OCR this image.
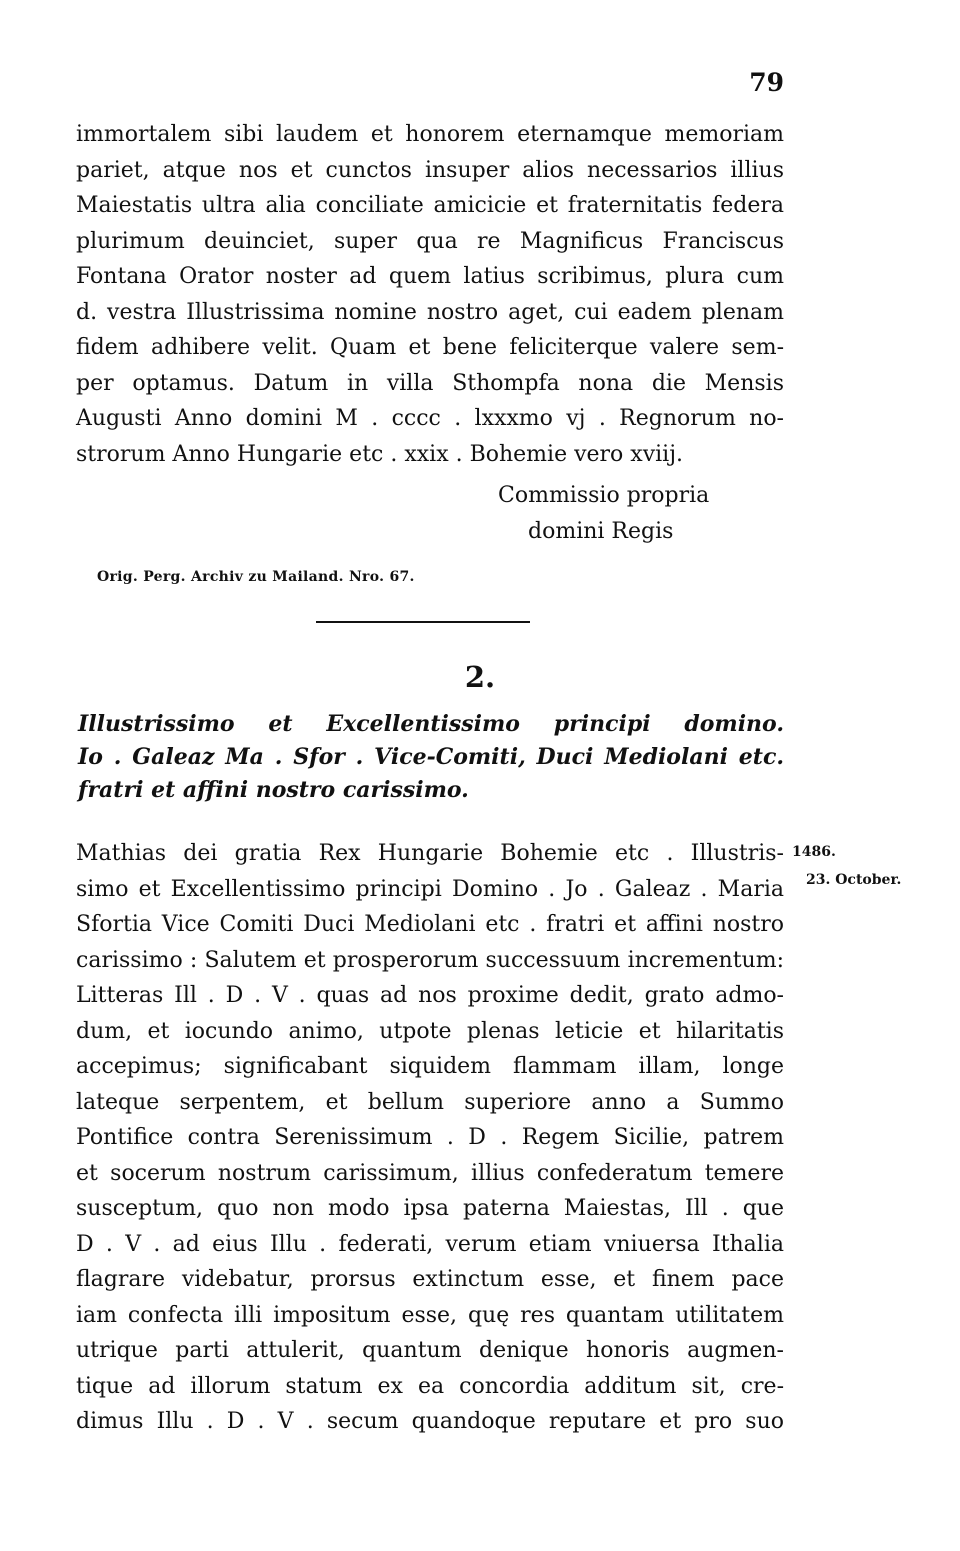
79
immortalem sibi laudem et honorem eternamque memoriam
pariet, atque nos et cunctos insuper alios necessarios illius
Maiestatis ultra alia conciliate amicicie et fraternitatis federa
plurimum deuinciet, super qua re Magnificus Franciscus
Fontana Orator noster ad quem latius scribimus, plura cum
d. vestra Illustrissima nomine nostro aget, cui eadem plenam
fidem adhibere velit. Quam et bene feliciterque valere sem-
per optamus. Datum in villa Sthompfa nona die Mensis
Augusti Anno domini M . cccc . lxxxmo vj . Regnorum no-
strorum Anno Hungarie etc . xxix . Bohemie vero xviij.
Commissio propria
domini Regis
Orig. Perg. Archiv zu Mailand. Nro. 67.
2.
Illustrissimo et Excellentissimo principi domino.
Io . Galeaz Ma . Sfor . Vice-Comiti, Duci Mediolani etc.
fratri et affini nostro carissimo.
1486.
23. October.
Mathias dei gratia Rex Hungarie Bohemie etc . Illustris-
simo et Excellentissimo principi Domino . Jo . Galeaz . Maria
Sfortia Vice Comiti Duci Mediolani etc . fratri et affini nostro
carissimo : Salutem et prosperorum successuum incrementum:
Litteras Ill . D . V . quas ad nos proxime dedit, grato admo-
dum, et iocundo animo, utpote plenas leticie et hilaritatis
accepimus; significabant siquidem flammam illam, longe
lateque serpentem, et bellum superiore anno a Summo
Pontifice contra Serenissimum . D . Regem Sicilie, patrem
et socerum nostrum carissimum, illius confederatum temere
susceptum, quo non modo ipsa paterna Maiestas, Ill . que
D . V . ad eius Illu . federati, verum etiam vniuersa Ithalia
flagrare videbatur, prorsus extinctum esse, et finem pace
iam confecta illi impositum esse, quę res quantam utilitatem
utrique parti attulerit, quantum denique honoris augmen-
tique ad illorum statum ex ea concordia additum sit, cre-
dimus Illu . D . V . secum quandoque reputare et pro suo
